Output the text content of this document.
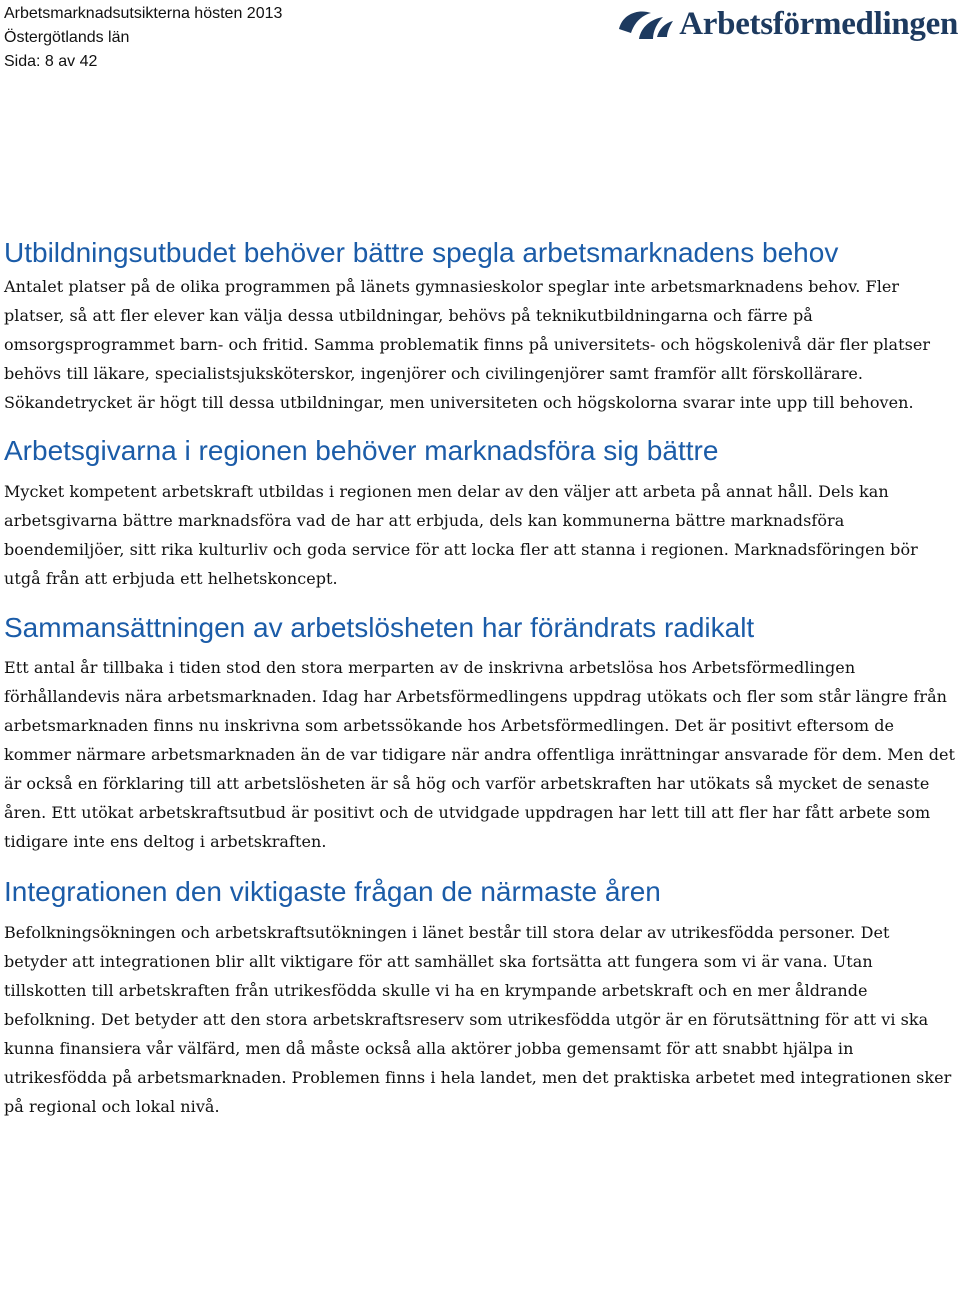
Arbetsmarknadsutsikterna hösten 2013
Östergötlands län
Sida: 8 av 42
Arbetsförmedlingen
Utbildningsutbudet behöver bättre spegla arbetsmarknadens behov

Antalet platser på de olika programmen på länets gymnasieskolor speglar inte arbetsmarknadens behov. Fler platser, så att fler elever kan välja dessa utbildningar, behövs på teknikutbildningarna och färre på omsorgsprogrammet barn- och fritid. Samma problematik finns på universitets- och högskolenivå där fler platser behövs till läkare, specialistsjuksköterskor, ingenjörer och civilingenjörer samt framför allt förskollärare. Sökandetrycket är högt till dessa utbildningar, men universiteten och högskolorna svarar inte upp till behoven.

Arbetsgivarna i regionen behöver marknadsföra sig bättre

Mycket kompetent arbetskraft utbildas i regionen men delar av den väljer att arbeta på annat håll. Dels kan arbetsgivarna bättre marknadsföra vad de har att erbjuda, dels kan kommunerna bättre marknadsföra boendemiljöer, sitt rika kulturliv och goda service för att locka fler att stanna i regionen. Marknadsföringen bör utgå från att erbjuda ett helhetskoncept.

Sammansättningen av arbetslösheten har förändrats radikalt

Ett antal år tillbaka i tiden stod den stora merparten av de inskrivna arbetslösa hos Arbetsförmedlingen förhållandevis nära arbetsmarknaden. Idag har Arbetsförmedlingens uppdrag utökats och fler som står längre från arbetsmarknaden finns nu inskrivna som arbetssökande hos Arbetsförmedlingen. Det är positivt eftersom de kommer närmare arbetsmarknaden än de var tidigare när andra offentliga inrättningar ansvarade för dem. Men det är också en förklaring till att arbetslösheten är så hög och varför arbetskraften har utökats så mycket de senaste åren. Ett utökat arbetskraftsutbud är positivt och de utvidgade uppdragen har lett till att fler har fått arbete som tidigare inte ens deltog i arbetskraften.

Integrationen den viktigaste frågan de närmaste åren

Befolkningsökningen och arbetskraftsutökningen i länet består till stora delar av utrikesfödda personer. Det betyder att integrationen blir allt viktigare för att samhället ska fortsätta att fungera som vi är vana. Utan tillskotten till arbetskraften från utrikesfödda skulle vi ha en krympande arbetskraft och en mer åldrande befolkning. Det betyder att den stora arbetskraftsreserv som utrikesfödda utgör är en förutsättning för att vi ska kunna finansiera vår välfärd, men då måste också alla aktörer jobba gemensamt för att snabbt hjälpa in utrikesfödda på arbetsmarknaden. Problemen finns i hela landet, men det praktiska arbetet med integrationen sker på regional och lokal nivå.
